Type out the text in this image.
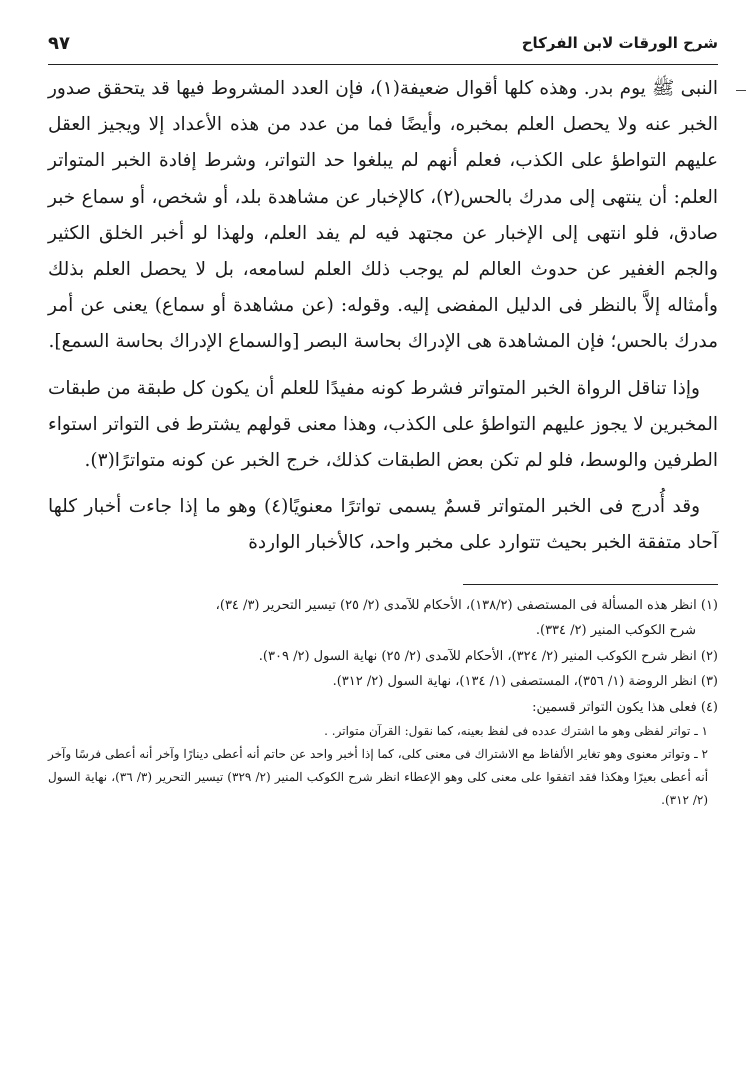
شرح الورقات لابن الفركاح
٩٧

النبى ﷺ يوم بدر. وهذه كلها أقوال ضعيفة(١)، فإن العدد المشروط فيها قد يتحقق صدور الخبر عنه ولا يحصل العلم بمخبره، وأيضًا فما من عدد من هذه الأعداد إلا ويجيز العقل عليهم التواطؤ على الكذب، فعلم أنهم لم يبلغوا حد التواتر، وشرط إفادة الخبر المتواتر العلم: أن ينتهى إلى مدرك بالحس(٢)، كالإخبار عن مشاهدة بلد، أو شخص، أو سماع خبر صادق، فلو انتهى إلى الإخبار عن مجتهد فيه لم يفد العلم، ولهذا لو أخبر الخلق الكثير والجم الغفير عن حدوث العالم لم يوجب ذلك العلم لسامعه، بل لا يحصل العلم بذلك وأمثاله إلاَّ بالنظر فى الدليل المفضى إليه. وقوله: (عن مشاهدة أو سماع) يعنى عن أمر مدرك بالحس؛ فإن المشاهدة هى الإدراك بحاسة البصر [والسماع الإدراك بحاسة السمع].

وإذا تناقل الرواة الخبر المتواتر فشرط كونه مفيدًا للعلم أن يكون كل طبقة من طبقات المخبرين لا يجوز عليهم التواطؤ على الكذب، وهذا معنى قولهم يشترط فى التواتر استواء الطرفين والوسط، فلو لم تكن بعض الطبقات كذلك، خرج الخبر عن كونه متواترًا(٣).

وقد أُدرج فى الخبر المتواتر قسمٌ يسمى تواترًا معنويًا(٤) وهو ما إذا جاءت أخبار كلها آحاد متفقة الخبر بحيث تتوارد على مخبر واحد، كالأخبار الواردة

(١) انظر هذه المسألة فى المستصفى (١٣٨/٢)، الأحكام للآمدى (٢/ ٢٥) تيسير التحرير (٣/ ٣٤)،

شرح الكوكب المنير (٢/ ٣٣٤).

(٢) انظر شرح الكوكب المنير (٢/ ٣٢٤)، الأحكام للآمدى (٢/ ٢٥) نهاية السول (٢/ ٣٠٩).

(٣) انظر الروضة (١/ ٣٥٦)، المستصفى (١/ ١٣٤)، نهاية السول (٢/ ٣١٢).

(٤) فعلى هذا يكون التواتر قسمين:

١ ـ تواتر لفظى وهو ما اشترك عدده فى لفظ بعينه، كما نقول: القرآن متواتر. .

٢ ـ وتواتر معنوى وهو تغاير الألفاظ مع الاشتراك فى معنى كلى، كما إذا أخبر واحد عن حاتم أنه أعطى دينارًا وآخر أنه أعطى فرسًا وآخر أنه أعطى بعيرًا وهكذا فقد اتفقوا على معنى كلى وهو الإعطاء انظر شرح الكوكب المنير (٢/ ٣٢٩) تيسير التحرير (٣/ ٣٦)، نهاية السول (٢/ ٣١٢).
